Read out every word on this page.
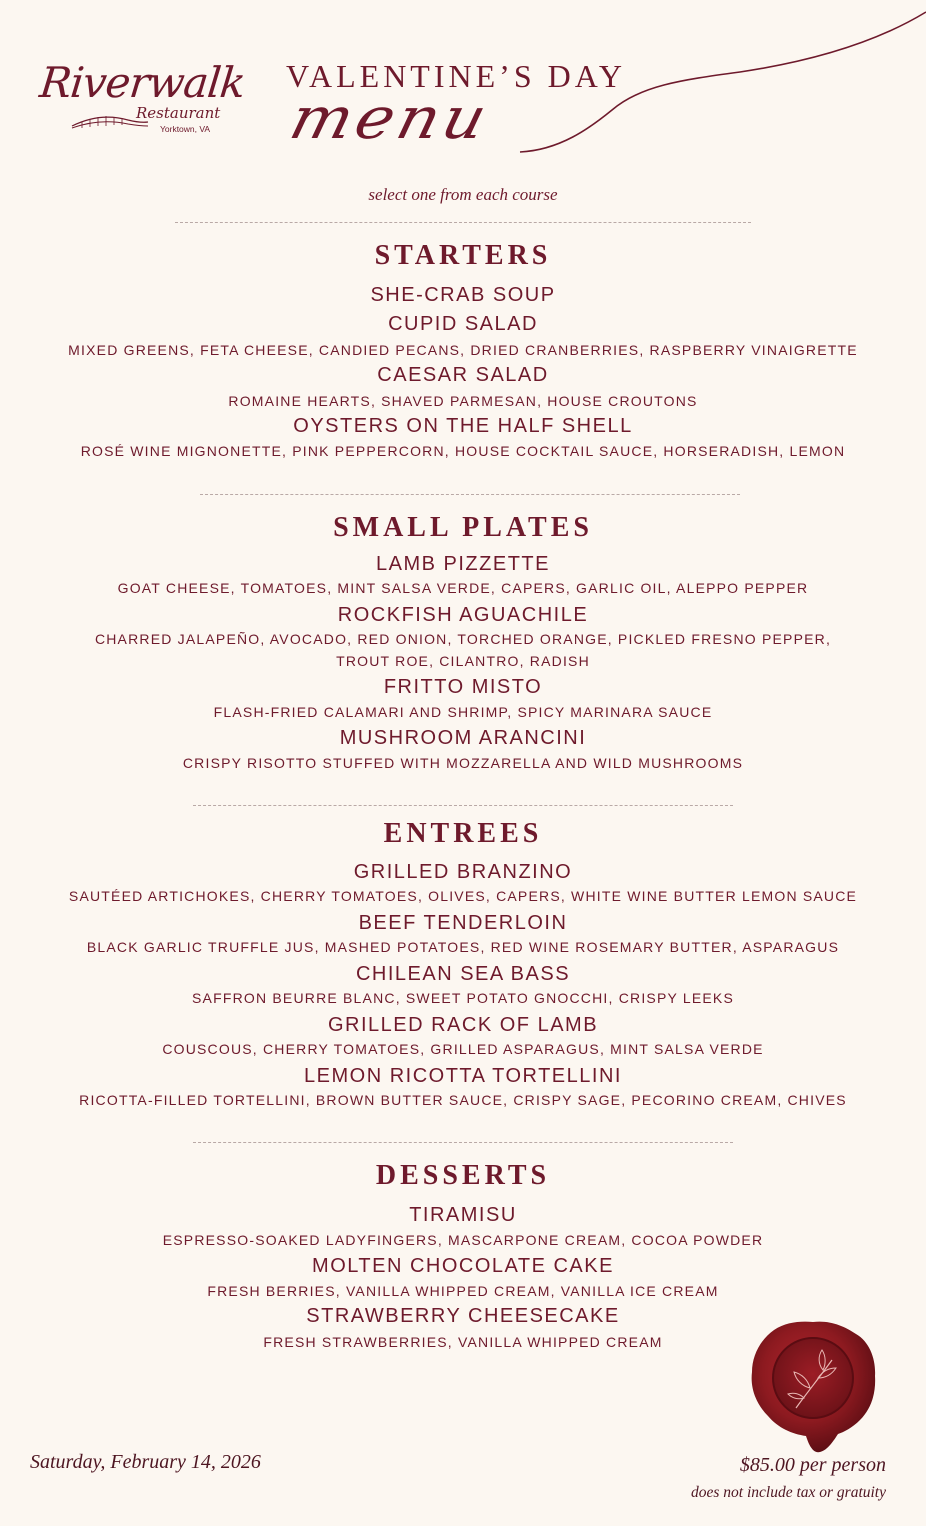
Riverwalk
Restaurant
Yorktown, VA
VALENTINE’S DAY
menu
select one from each course
STARTERS
SHE-CRAB SOUP
CUPID SALAD
MIXED GREENS, FETA CHEESE, CANDIED PECANS, DRIED CRANBERRIES, RASPBERRY VINAIGRETTE
CAESAR SALAD
ROMAINE HEARTS, SHAVED PARMESAN, HOUSE CROUTONS
OYSTERS ON THE HALF SHELL
ROSÉ WINE MIGNONETTE, PINK PEPPERCORN, HOUSE COCKTAIL SAUCE, HORSERADISH, LEMON
SMALL PLATES
LAMB PIZZETTE
GOAT CHEESE, TOMATOES, MINT SALSA VERDE, CAPERS, GARLIC OIL, ALEPPO PEPPER
ROCKFISH AGUACHILE
CHARRED JALAPEÑO, AVOCADO, RED ONION, TORCHED ORANGE, PICKLED FRESNO PEPPER,
TROUT ROE, CILANTRO, RADISH
FRITTO MISTO
FLASH-FRIED CALAMARI AND SHRIMP, SPICY MARINARA SAUCE
MUSHROOM ARANCINI
CRISPY RISOTTO STUFFED WITH MOZZARELLA AND WILD MUSHROOMS
ENTREES
GRILLED BRANZINO
SAUTÉED ARTICHOKES, CHERRY TOMATOES, OLIVES, CAPERS, WHITE WINE BUTTER LEMON SAUCE
BEEF TENDERLOIN
BLACK GARLIC TRUFFLE JUS, MASHED POTATOES, RED WINE ROSEMARY BUTTER, ASPARAGUS
CHILEAN SEA BASS
SAFFRON BEURRE BLANC, SWEET POTATO GNOCCHI, CRISPY LEEKS
GRILLED RACK OF LAMB
COUSCOUS, CHERRY TOMATOES, GRILLED ASPARAGUS, MINT SALSA VERDE
LEMON RICOTTA TORTELLINI
RICOTTA-FILLED TORTELLINI, BROWN BUTTER SAUCE, CRISPY SAGE, PECORINO CREAM, CHIVES
DESSERTS
TIRAMISU
ESPRESSO-SOAKED LADYFINGERS, MASCARPONE CREAM, COCOA POWDER
MOLTEN CHOCOLATE CAKE
FRESH BERRIES, VANILLA WHIPPED CREAM, VANILLA ICE CREAM
STRAWBERRY CHEESECAKE
FRESH STRAWBERRIES, VANILLA WHIPPED CREAM
Saturday, February 14, 2026	$85.00 per person
does not include tax or gratuity
